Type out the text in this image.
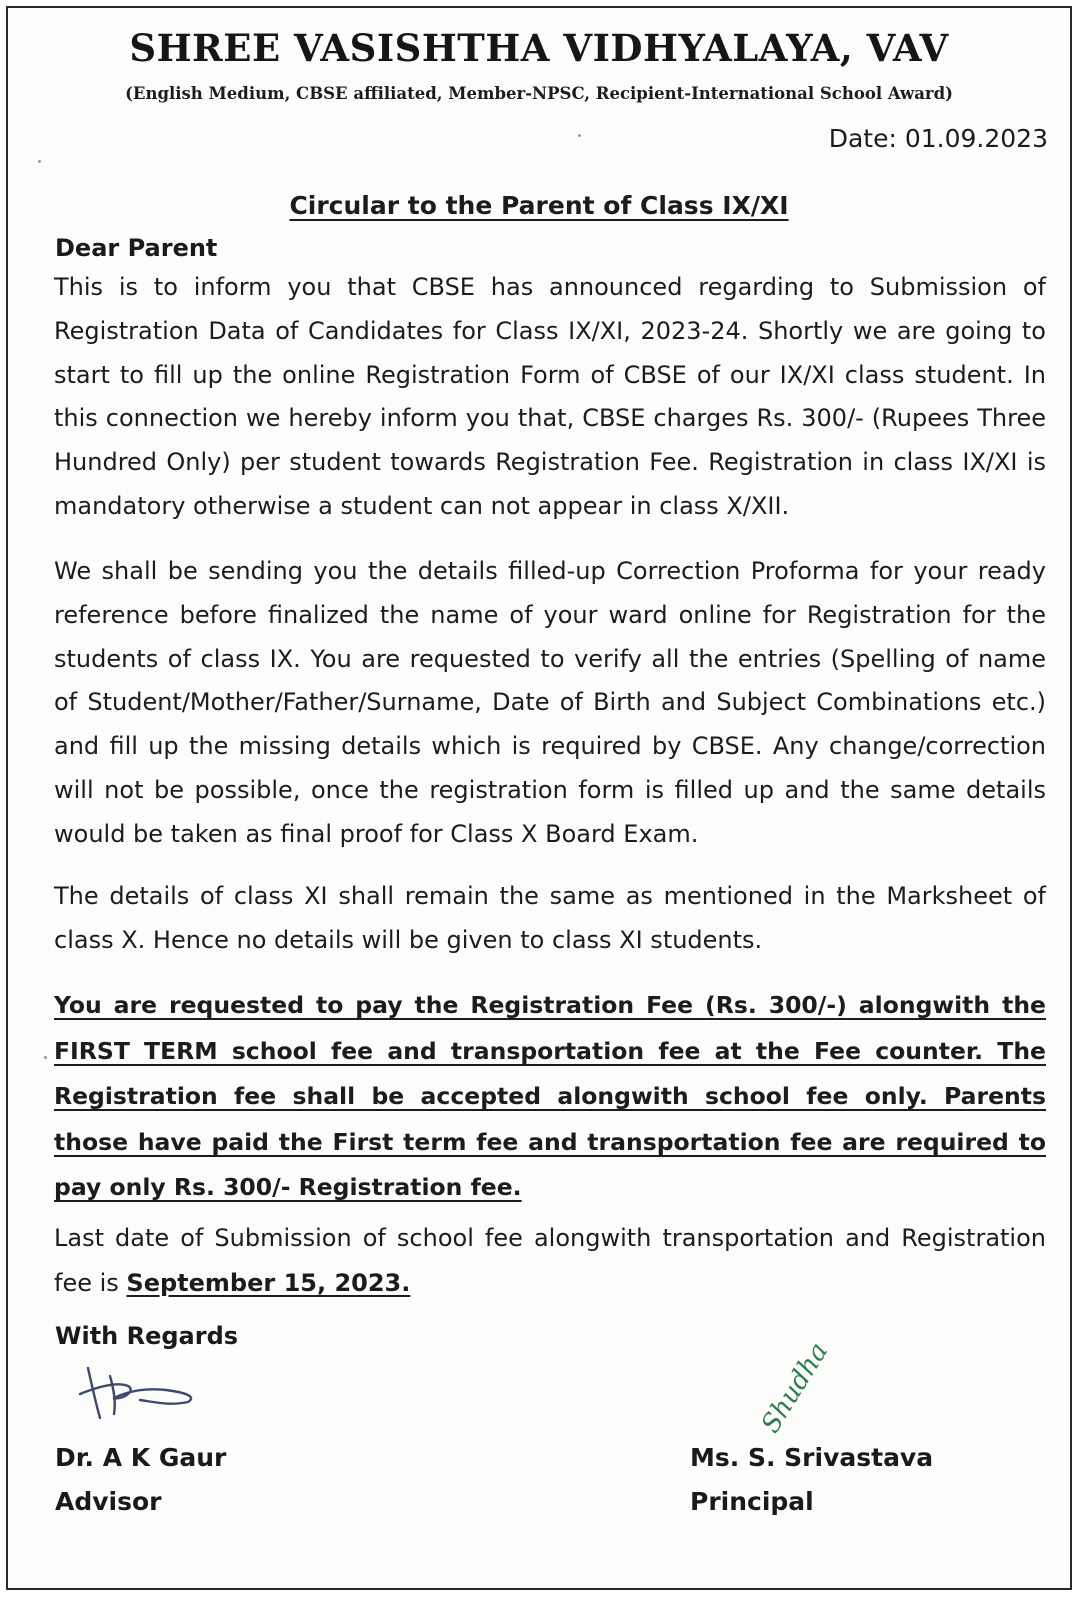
SHREE VASISHTHA VIDHYALAYA, VAV
(English Medium, CBSE affiliated, Member-NPSC, Recipient-International School Award)
Date: 01.09.2023
Circular to the Parent of Class IX/XI
Dear Parent
This is to inform you that CBSE has announced regarding to Submission of Registration Data of Candidates for Class IX/XI, 2023-24. Shortly we are going to start to fill up the online Registration Form of CBSE of our IX/XI class student. In this connection we hereby inform you that, CBSE charges Rs. 300/- (Rupees Three Hundred Only) per student towards Registration Fee. Registration in class IX/XI is mandatory otherwise a student can not appear in class X/XII.
We shall be sending you the details filled-up Correction Proforma for your ready reference before finalized the name of your ward online for Registration for the students of class IX. You are requested to verify all the entries (Spelling of name of Student/Mother/Father/Surname, Date of Birth and Subject Combinations etc.) and fill up the missing details which is required by CBSE. Any change/correction will not be possible, once the registration form is filled up and the same details would be taken as final proof for Class X Board Exam.
The details of class XI shall remain the same as mentioned in the Marksheet of class X. Hence no details will be given to class XI students.
You are requested to pay the Registration Fee (Rs. 300/-) alongwith the FIRST TERM school fee and transportation fee at the Fee counter. The Registration fee shall be accepted alongwith school fee only. Parents those have paid the First term fee and transportation fee are required to pay only Rs. 300/- Registration fee.
Last date of Submission of school fee alongwith transportation and Registration fee is September 15, 2023.
With Regards
Shudha
Dr. A K Gaur
Advisor
Ms. S. Srivastava
Principal
